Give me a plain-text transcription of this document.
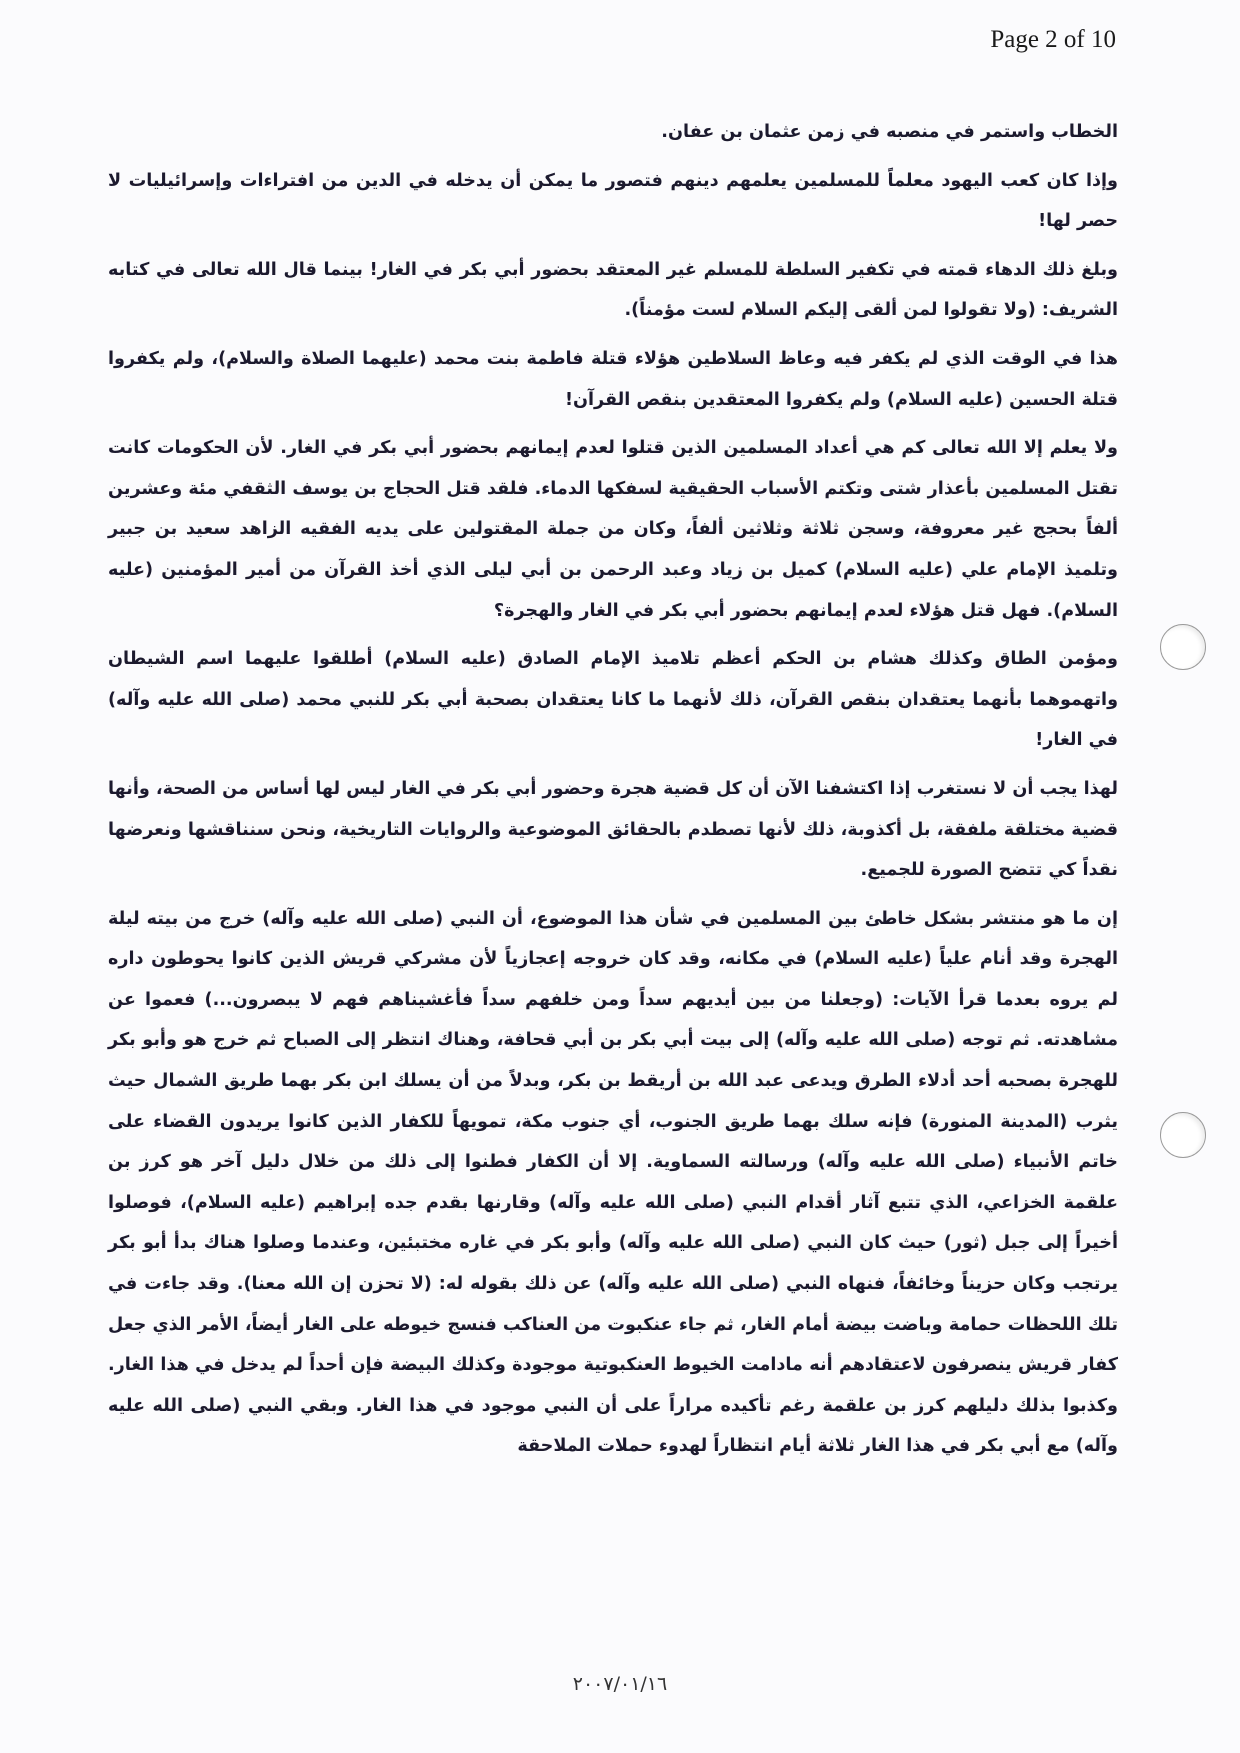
Page 2 of 10

الخطاب واستمر في منصبه في زمن عثمان بن عفان.

وإذا كان كعب اليهود معلماً للمسلمين يعلمهم دينهم فتصور ما يمكن أن يدخله في الدين من افتراءات وإسرائيليات لا حصر لها!

وبلغ ذلك الدهاء قمته في تكفير السلطة للمسلم غير المعتقد بحضور أبي بكر في الغار! بينما قال الله تعالى في كتابه الشريف: (ولا تقولوا لمن ألقى إليكم السلام لست مؤمناً).

هذا في الوقت الذي لم يكفر فيه وعاظ السلاطين هؤلاء قتلة فاطمة بنت محمد (عليهما الصلاة والسلام)، ولم يكفروا قتلة الحسين (عليه السلام) ولم يكفروا المعتقدين بنقص القرآن!

ولا يعلم إلا الله تعالى كم هي أعداد المسلمين الذين قتلوا لعدم إيمانهم بحضور أبي بكر في الغار. لأن الحكومات كانت تقتل المسلمين بأعذار شتى وتكتم الأسباب الحقيقية لسفكها الدماء. فلقد قتل الحجاج بن يوسف الثقفي مئة وعشرين ألفاً بحجج غير معروفة، وسجن ثلاثة وثلاثين ألفاً، وكان من جملة المقتولين على يديه الفقيه الزاهد سعيد بن جبير وتلميذ الإمام علي (عليه السلام) كميل بن زياد وعبد الرحمن بن أبي ليلى الذي أخذ القرآن من أمير المؤمنين (عليه السلام). فهل قتل هؤلاء لعدم إيمانهم بحضور أبي بكر في الغار والهجرة؟

ومؤمن الطاق وكذلك هشام بن الحكم أعظم تلاميذ الإمام الصادق (عليه السلام) أطلقوا عليهما اسم الشيطان واتهموهما بأنهما يعتقدان بنقص القرآن، ذلك لأنهما ما كانا يعتقدان بصحبة أبي بكر للنبي محمد (صلى الله عليه وآله) في الغار!

لهذا يجب أن لا نستغرب إذا اكتشفنا الآن أن كل قضية هجرة وحضور أبي بكر في الغار ليس لها أساس من الصحة، وأنها قضية مختلقة ملفقة، بل أكذوبة، ذلك لأنها تصطدم بالحقائق الموضوعية والروايات التاريخية، ونحن سنناقشها ونعرضها نقداً كي تتضح الصورة للجميع.

إن ما هو منتشر بشكل خاطئ بين المسلمين في شأن هذا الموضوع، أن النبي (صلى الله عليه وآله) خرج من بيته ليلة الهجرة وقد أنام علياً (عليه السلام) في مكانه، وقد كان خروجه إعجازياً لأن مشركي قريش الذين كانوا يحوطون داره لم يروه بعدما قرأ الآيات: (وجعلنا من بين أيديهم سداً ومن خلفهم سداً فأغشيناهم فهم لا يبصرون...) فعموا عن مشاهدته. ثم توجه (صلى الله عليه وآله) إلى بيت أبي بكر بن أبي قحافة، وهناك انتظر إلى الصباح ثم خرج هو وأبو بكر للهجرة بصحبه أحد أدلاء الطرق ويدعى عبد الله بن أريقط بن بكر، وبدلاً من أن يسلك ابن بكر بهما طريق الشمال حيث يثرب (المدينة المنورة) فإنه سلك بهما طريق الجنوب، أي جنوب مكة، تمويهاً للكفار الذين كانوا يريدون القضاء على خاتم الأنبياء (صلى الله عليه وآله) ورسالته السماوية. إلا أن الكفار فطنوا إلى ذلك من خلال دليل آخر هو كرز بن علقمة الخزاعي، الذي تتبع آثار أقدام النبي (صلى الله عليه وآله) وقارنها بقدم جده إبراهيم (عليه السلام)، فوصلوا أخيراً إلى جبل (ثور) حيث كان النبي (صلى الله عليه وآله) وأبو بكر في غاره مختبئين، وعندما وصلوا هناك بدأ أبو بكر يرتجب وكان حزيناً وخائفاً، فنهاه النبي (صلى الله عليه وآله) عن ذلك بقوله له: (لا تحزن إن الله معنا). وقد جاءت في تلك اللحظات حمامة وباضت بيضة أمام الغار، ثم جاء عنكبوت من العناكب فنسج خيوطه على الغار أيضاً، الأمر الذي جعل كفار قريش ينصرفون لاعتقادهم أنه مادامت الخيوط العنكبوتية موجودة وكذلك البيضة فإن أحداً لم يدخل في هذا الغار. وكذبوا بذلك دليلهم كرز بن علقمة رغم تأكيده مراراً على أن النبي موجود في هذا الغار. وبقي النبي (صلى الله عليه وآله) مع أبي بكر في هذا الغار ثلاثة أيام انتظاراً لهدوء حملات الملاحقة

٢٠٠٧/٠١/١٦
